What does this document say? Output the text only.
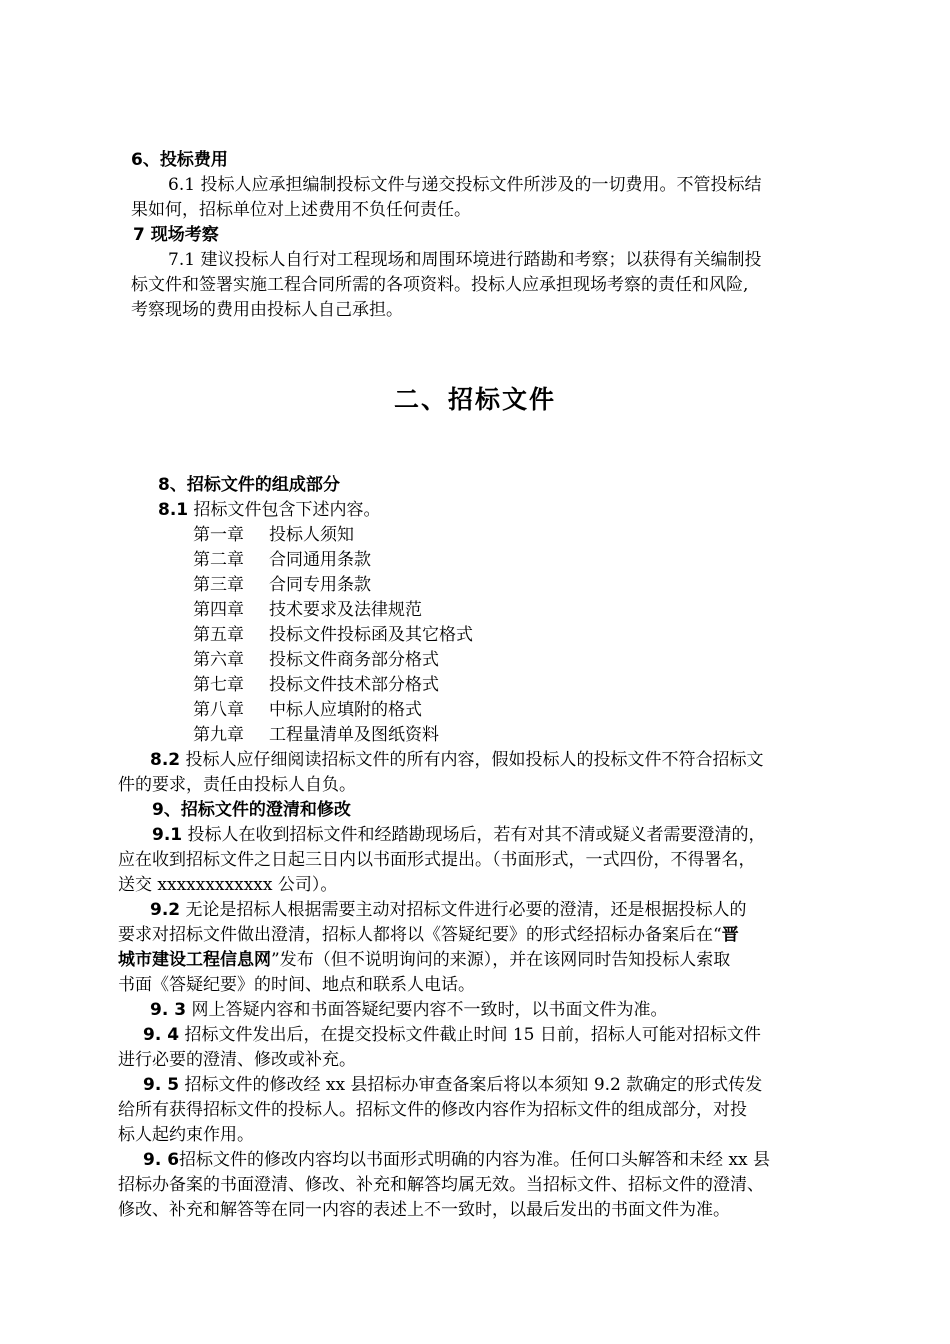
6、投标费用
6.1 投标人应承担编制投标文件与递交投标文件所涉及的一切费用。不管投标结
果如何，招标单位对上述费用不负任何责任。
7 现场考察
7.1 建议投标人自行对工程现场和周围环境进行踏勘和考察；以获得有关编制投
标文件和签署实施工程合同所需的各项资料。投标人应承担现场考察的责任和风险,
考察现场的费用由投标人自己承担。
二、招标文件
8、招标文件的组成部分
8.1 招标文件包含下述内容。
第一章 投标人须知
第二章 合同通用条款
第三章 合同专用条款
第四章 技术要求及法律规范
第五章 投标文件投标函及其它格式
第六章 投标文件商务部分格式
第七章 投标文件技术部分格式
第八章 中标人应填附的格式
第九章 工程量清单及图纸资料
8.2 投标人应仔细阅读招标文件的所有内容，假如投标人的投标文件不符合招标文
件的要求，责任由投标人自负。
9、招标文件的澄清和修改
9.1 投标人在收到招标文件和经踏勘现场后，若有对其不清或疑义者需要澄清的，
应在收到招标文件之日起三日内以书面形式提出。（书面形式，一式四份，不得署名，
送交 xxxxxxxxxxxx 公司）。
9.2 无论是招标人根据需要主动对招标文件进行必要的澄清，还是根据投标人的
要求对招标文件做出澄清，招标人都将以《答疑纪要》的形式经招标办备案后在“晋
城市建设工程信息网”发布（但不说明询问的来源），并在该网同时告知投标人索取
书面《答疑纪要》的时间、地点和联系人电话。
9. 3 网上答疑内容和书面答疑纪要内容不一致时，以书面文件为准。
9. 4 招标文件发出后，在提交投标文件截止时间 15 日前，招标人可能对招标文件
进行必要的澄清、修改或补充。
9. 5 招标文件的修改经 xx 县招标办审查备案后将以本须知 9.2 款确定的形式传发
给所有获得招标文件的投标人。招标文件的修改内容作为招标文件的组成部分，对投
标人起约束作用。
9. 6招标文件的修改内容均以书面形式明确的内容为准。任何口头解答和未经 xx 县
招标办备案的书面澄清、修改、补充和解答均属无效。当招标文件、招标文件的澄清、
修改、补充和解答等在同一内容的表述上不一致时，以最后发出的书面文件为准。
